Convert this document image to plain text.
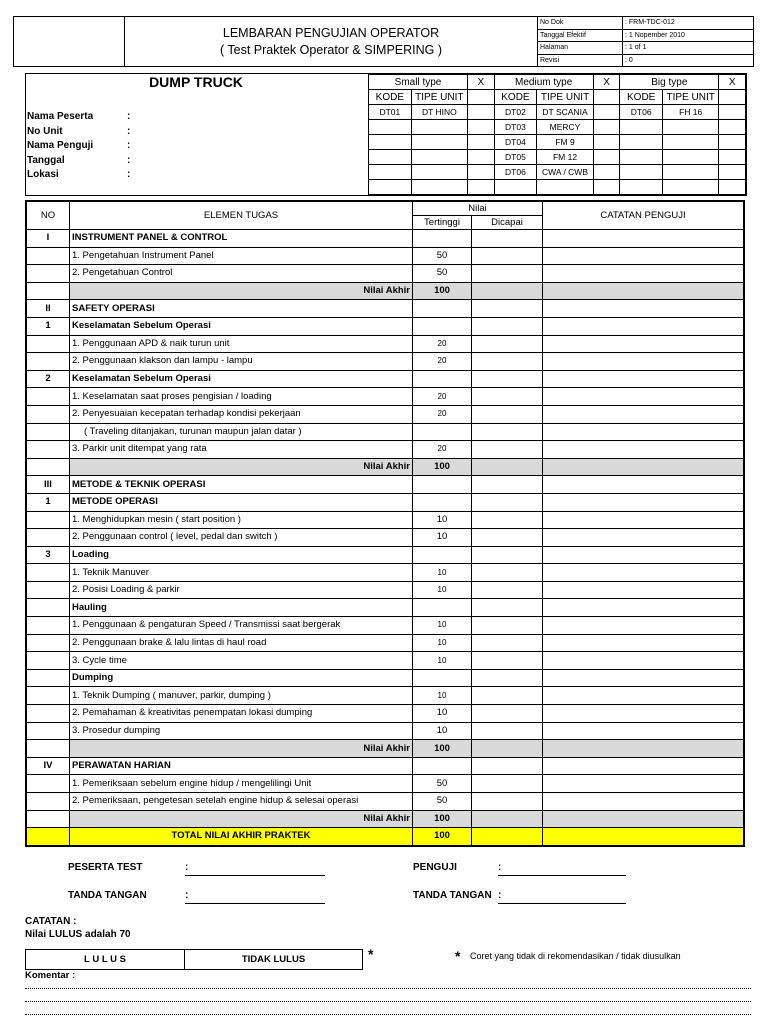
	LEMBARAN PENGUJIAN OPERATOR
( Test Praktek Operator & SIMPERING )	No Dok	: FRM-TDC-012
		Tanggal Efektif	: 1 Nopember 2010
		Halaman	: 1 of 1
		Revisi	: 0
DUMP TRUCK	Small type		X	Medium type		X	Big type		X
KODE	TIPE UNIT		KODE	TIPE UNIT		KODE	TIPE UNIT	
DT01	DT HINO		DT02	DT SCANIA		DT06	FH 16	
			DT03	MERCY				
			DT04	FM 9				
			DT05	FM 12				
			DT06	CWA / CWB				

Nama Peserta	:
No Unit	:
Nama Penguji	:
Tanggal	:
Lokasi	:
NO	ELEMEN TUGAS	Nilai		CATATAN PENGUJI
		Tertinggi	Dicapai	
I	INSTRUMENT PANEL & CONTROL			
	1. Pengetahuan Instrument Panel	50		
	2. Pengetahuan Control	50		
	Nilai Akhir	100		
II	SAFETY OPERASI			
1	Keselamatan Sebelum Operasi			
	1. Penggunaan APD & naik turun unit	20		
	2. Penggunaan klakson dan lampu - lampu	20		
2	Keselamatan Sebelum Operasi			
	1. Keselamatan saat proses pengisian / loading	20		
	2. Penyesuaian kecepatan terhadap kondisi pekerjaan	20		
	( Traveling ditanjakan, turunan maupun jalan datar )			
	3. Parkir unit ditempat yang rata	20		
	Nilai Akhir	100		
III	METODE & TEKNIK OPERASI			
1	METODE OPERASI			
	1. Menghidupkan mesin ( start position )	10		
	2. Penggunaan control ( level, pedal dan switch )	10		
3	Loading			
	1. Teknik Manuver	10		
	2. Posisi Loading & parkir	10		
	Hauling			
	1. Penggunaan & pengaturan Speed / Transmissi saat bergerak	10		
	2. Penggunaan brake & lalu lintas di haul road	10		
	3. Cycle time	10		
	Dumping			
	1. Teknik Dumping ( manuver, parkir, dumping )	10		
	2. Pemahaman & kreativitas penempatan lokasi dumping	10		
	3. Prosedur dumping	10		
	Nilai Akhir	100		
IV	PERAWATAN HARIAN			
	1. Pemeriksaan sebelum engine hidup / mengelilingi Unit	50		
	2. Pemeriksaan, pengetesan setelah engine hidup & selesai operasi	50		
	Nilai Akhir	100		
	TOTAL NILAI AKHIR PRAKTEK	100		
PESERTA TEST	:	PENGUJI	:
TANDA TANGAN	:	TANDA TANGAN :
CATATAN :
Nilai LULUS adalah 70
L U L U S	TIDAK LULUS	*	* Coret yang tidak di rekomendasikan / tidak diusulkan
Komentar :
